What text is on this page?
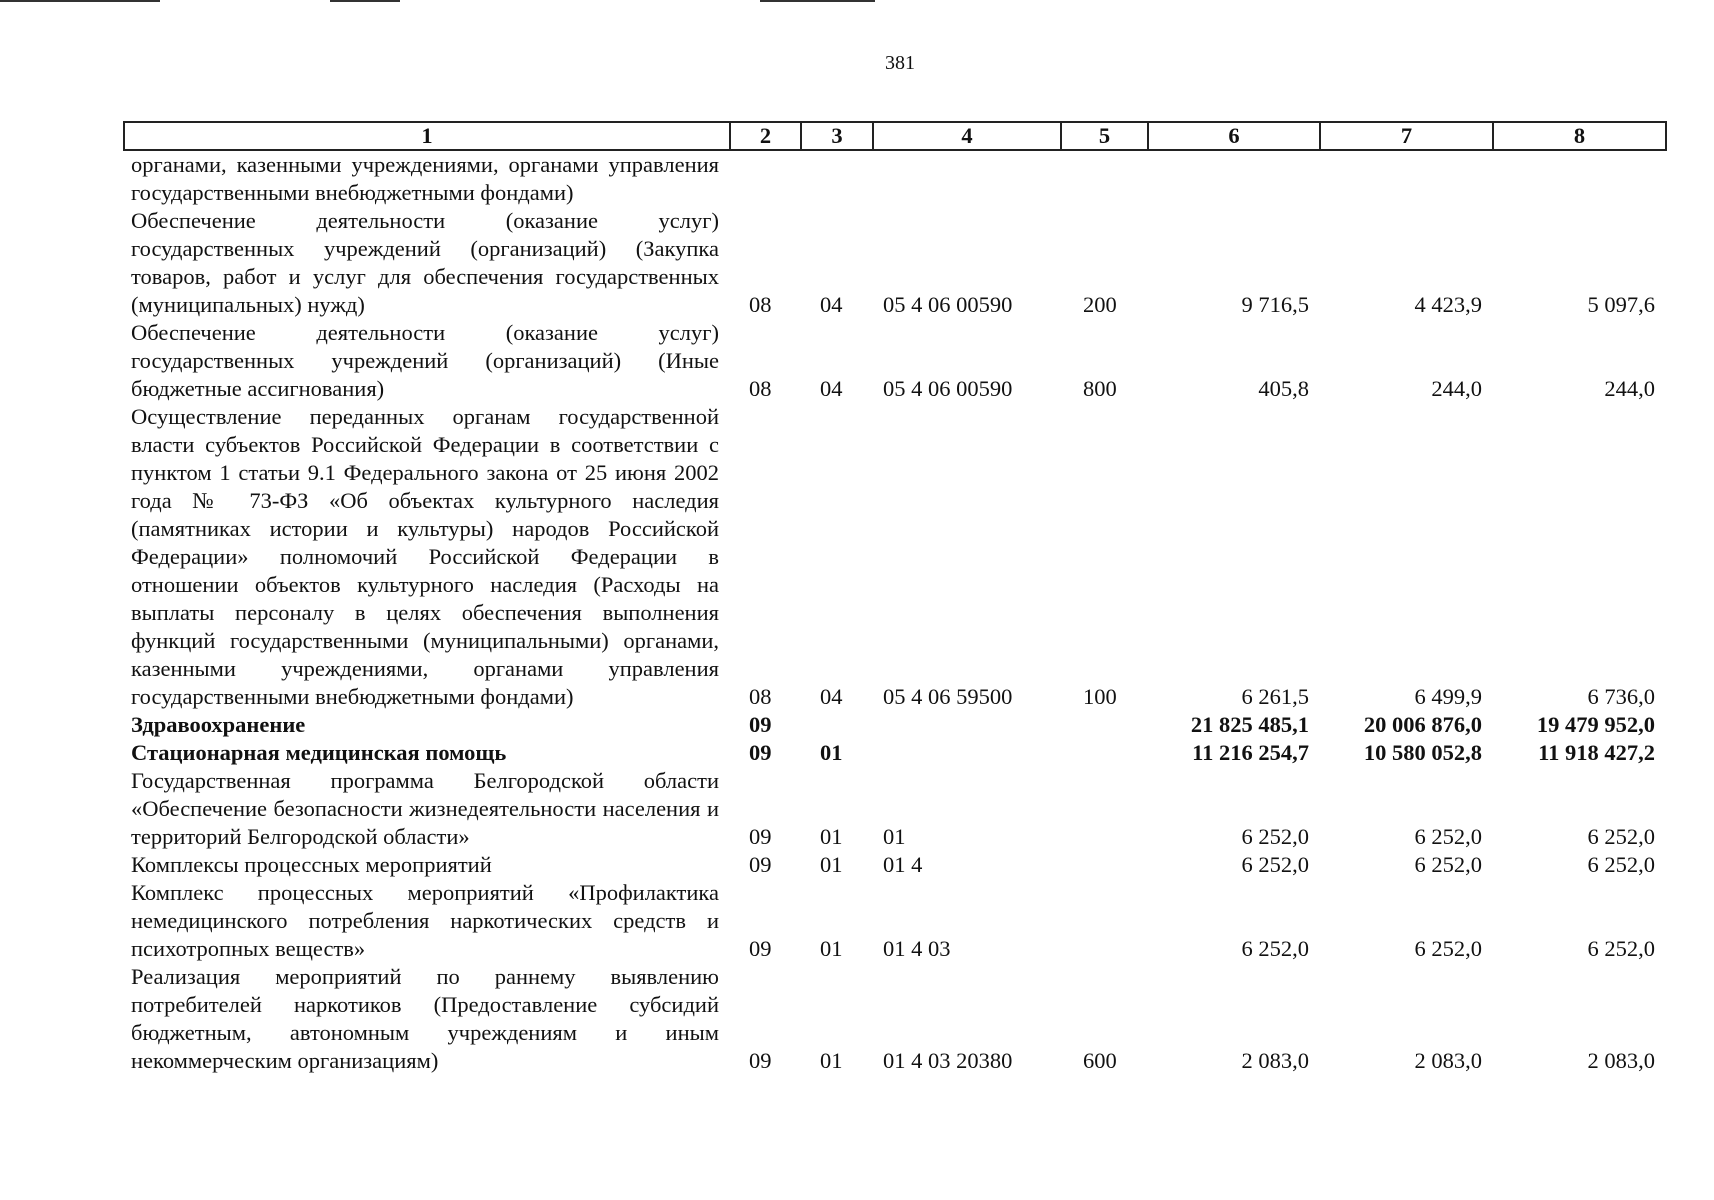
381
1	2	3	4	5	6	7	8
органами, казенными учреждениями, органами управления государственными внебюджетными фондами)							
Обеспечение деятельности (оказание услуг) государственных учреждений (организаций) (Закупка товаров, работ и услуг для обеспечения государственных (муниципальных) нужд)	08	04	05 4 06 00590	200	9 716,5	4 423,9	5 097,6
Обеспечение деятельности (оказание услуг) государственных учреждений (организаций) (Иные бюджетные ассигнования)	08	04	05 4 06 00590	800	405,8	244,0	244,0
Осуществление переданных органам государственной власти субъектов Российской Федерации в соответствии с пунктом 1 статьи 9.1 Федерального закона от 25 июня 2002 года № 73-ФЗ «Об объектах культурного наследия (памятниках истории и культуры) народов Российской Федерации» полномочий Российской Федерации в отношении объектов культурного наследия (Расходы на выплаты персоналу в целях обеспечения выполнения функций государственными (муниципальными) органами, казенными учреждениями, органами управления государственными внебюджетными фондами)	08	04	05 4 06 59500	100	6 261,5	6 499,9	6 736,0
Здравоохранение	09				21 825 485,1	20 006 876,0	19 479 952,0
Стационарная медицинская помощь	09	01			11 216 254,7	10 580 052,8	11 918 427,2
Государственная программа Белгородской области «Обеспечение безопасности жизнедеятельности населения и территорий Белгородской области»	09	01	01		6 252,0	6 252,0	6 252,0
Комплексы процессных мероприятий	09	01	01 4		6 252,0	6 252,0	6 252,0
Комплекс процессных мероприятий «Профилактика немедицинского потребления наркотических средств и психотропных веществ»	09	01	01 4 03		6 252,0	6 252,0	6 252,0
Реализация мероприятий по раннему выявлению потребителей наркотиков (Предоставление субсидий бюджетным, автономным учреждениям и иным некоммерческим организациям)	09	01	01 4 03 20380	600	2 083,0	2 083,0	2 083,0
